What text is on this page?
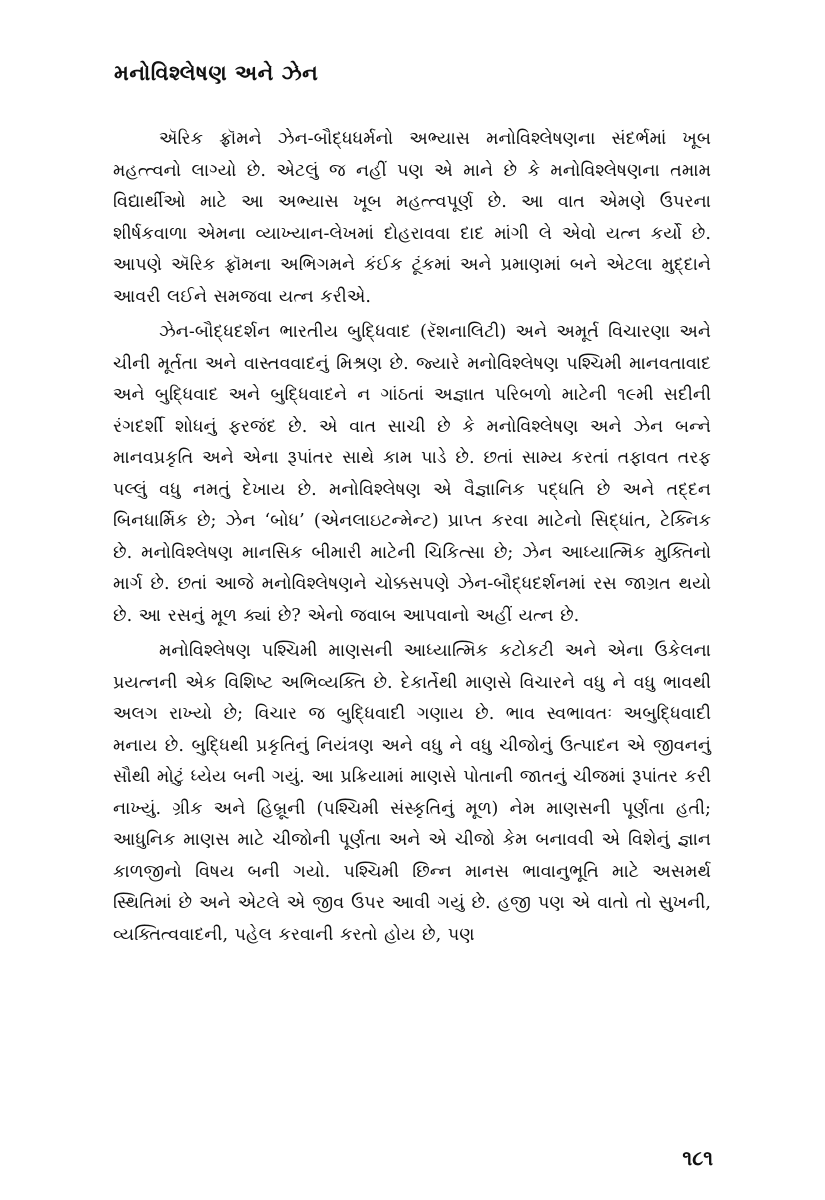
મનોવિશ્લેષણ અને ઝેન

ઍરિક ફ્રૉમને ઝેન-બૌદ્ધધર્મનો અભ્યાસ મનોવિશ્લેષણના સંદર્ભમાં ખૂબ મહત્ત્વનો લાગ્યો છે. એટલું જ નહીં પણ એ માને છે કે મનોવિશ્લેષણના તમામ વિદ્યાર્થીઓ માટે આ અભ્યાસ ખૂબ મહત્ત્વપૂર્ણ છે. આ વાત એમણે ઉપરના શીર્ષકવાળા એમના વ્યાખ્યાન-લેખમાં દોહરાવવા દાદ માંગી લે એવો યત્ન કર્યો છે. આપણે ઍરિક ફ્રૉમના અભિગમને કંઈક ટૂંકમાં અને પ્રમાણમાં બને એટલા મુદ્દાને આવરી લઈને સમજવા યત્ન કરીએ.

ઝેન-બૌદ્ધદર્શન ભારતીય બુદ્ધિવાદ (રૅશનાલિટી) અને અમૂર્ત વિચારણા અને ચીની મૂર્તતા અને વાસ્તવવાદનું મિશ્રણ છે. જ્યારે મનોવિશ્લેષણ પશ્ચિમી માનવતાવાદ અને બુદ્ધિવાદ અને બુદ્ધિવાદને ન ગાંઠતાં અજ્ઞાત પરિબળો માટેની ૧૯મી સદીની રંગદર્શી શોધનું ફરજંદ છે. એ વાત સાચી છે કે મનોવિશ્લેષણ અને ઝેન બન્ને માનવપ્રકૃતિ અને એના રૂપાંતર સાથે કામ પાડે છે. છતાં સામ્ય કરતાં તફાવત તરફ પલ્લું વધુ નમતું દેખાય છે. મનોવિશ્લેષણ એ વૈજ્ઞાનિક પદ્ધતિ છે અને તદ્દન બિનધાર્મિક છે; ઝેન ‘બોધ’ (એનલાઇટન્મેન્ટ) પ્રાપ્ત કરવા માટેનો સિદ્ધાંત, ટેક્નિક છે. મનોવિશ્લેષણ માનસિક બીમારી માટેની ચિકિત્સા છે; ઝેન આધ્યાત્મિક મુક્તિનો માર્ગ છે. છતાં આજે મનોવિશ્લેષણને ચોક્કસપણે ઝેન-બૌદ્ધદર્શનમાં રસ જાગ્રત થયો છે. આ રસનું મૂળ ક્યાં છે? એનો જવાબ આપવાનો અહીં યત્ન છે.

મનોવિશ્લેષણ પશ્ચિમી માણસની આધ્યાત્મિક કટોકટી અને એના ઉકેલના પ્રયત્નની એક વિશિષ્ટ અભિવ્યક્તિ છે. દેકાર્તેથી માણસે વિચારને વધુ ને વધુ ભાવથી અલગ રાખ્યો છે; વિચાર જ બુદ્ધિવાદી ગણાય છે. ભાવ સ્વભાવતઃ અબુદ્ધિવાદી મનાય છે. બુદ્ધિથી પ્રકૃતિનું નિયંત્રણ અને વધુ ને વધુ ચીજોનું ઉત્પાદન એ જીવનનું સૌથી મોટું ધ્યેય બની ગયું. આ પ્રક્રિયામાં માણસે પોતાની જાતનું ચીજમાં રૂપાંતર કરી નાખ્યું. ગ્રીક અને હિબ્રૂની (પશ્ચિમી સંસ્કૃતિનું મૂળ) નેમ માણસની પૂર્ણતા હતી; આધુનિક માણસ માટે ચીજોની પૂર્ણતા અને એ ચીજો કેમ બનાવવી એ વિશેનું જ્ઞાન કાળજીનો વિષય બની ગયો. પશ્ચિમી છિન્ન માનસ ભાવાનુભૂતિ માટે અસમર્થ સ્થિતિમાં છે અને એટલે એ જીવ ઉપર આવી ગયું છે. હજી પણ એ વાતો તો સુખની, વ્યક્તિત્વવાદની, પહેલ કરવાની કરતો હોય છે, પણ

૧૮૧
